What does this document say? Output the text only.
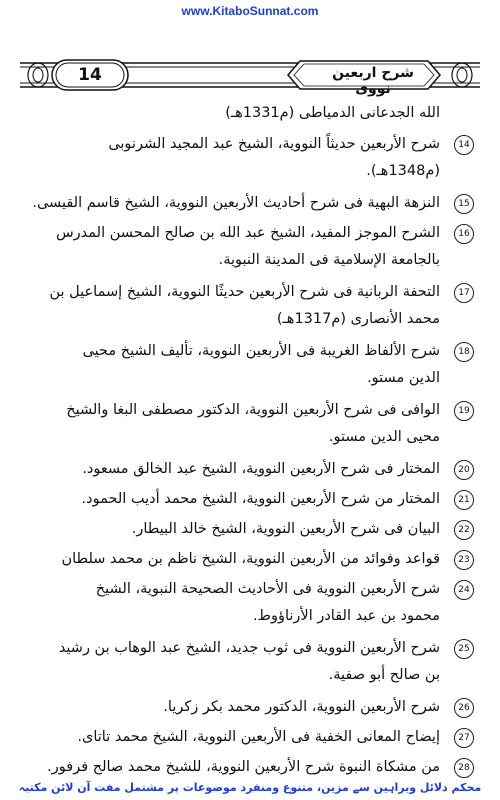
www.KitaboSunnat.com
14	شرح اربعین نووی
الله الجدعانى الدمياطى (م1331هـ)
14
شرح الأربعين حديثاً النووية، الشيخ عبد المجيد الشرنوبى
(م1348هـ).
15
النزهة البهية فى شرح أحاديث الأربعين النووية، الشيخ قاسم القيسى.
16
الشرح الموجز المفيد، الشيخ عبد الله بن صالح المحسن المدرس
بالجامعة الإسلامية فى المدينة النبوية.
17
التحفة الربانية فى شرح الأربعين حديثًا النووية، الشيخ إسماعيل بن
محمد الأنصارى (م1317هـ)
18
شرح الألفاظ الغريبة فى الأربعين النووية، تأليف الشيخ محيى
الدين مستو.
19
الوافى فى شرح الأربعين النووية، الدكتور مصطفى البغا والشيخ
محيى الدين مستو.
20
المختار فى شرح الأربعين النووية، الشيخ عبد الخالق مسعود.
21
المختار من شرح الأربعين النووية، الشيخ محمد أديب الحمود.
22
البيان فى شرح الأربعين النووية، الشيخ خالد البيطار.
23
قواعد وفوائد من الأربعين النووية، الشيخ ناظم بن محمد سلطان
24
شرح الأربعين النووية فى الأحاديث الصحيحة النبوية، الشيخ
محمود بن عبد القادر الأرناؤوط.
25
شرح الأربعين النووية فى ثوب جديد، الشيخ عبد الوهاب بن رشيد
بن صالح أبو صفية.
26
شرح الأربعين النووية، الدكتور محمد بكر زكريا.
27
إيضاح المعانى الخفية فى الأربعين النووية، الشيخ محمد تاتاى.
28
من مشكاة النبوة شرح الأربعين النووية، للشيخ محمد صالح فرفور.
محکم دلائل وبراہین سے مزین، متنوع ومنفرد موضوعات پر مشتمل مفت آن لائن مکتبہ
